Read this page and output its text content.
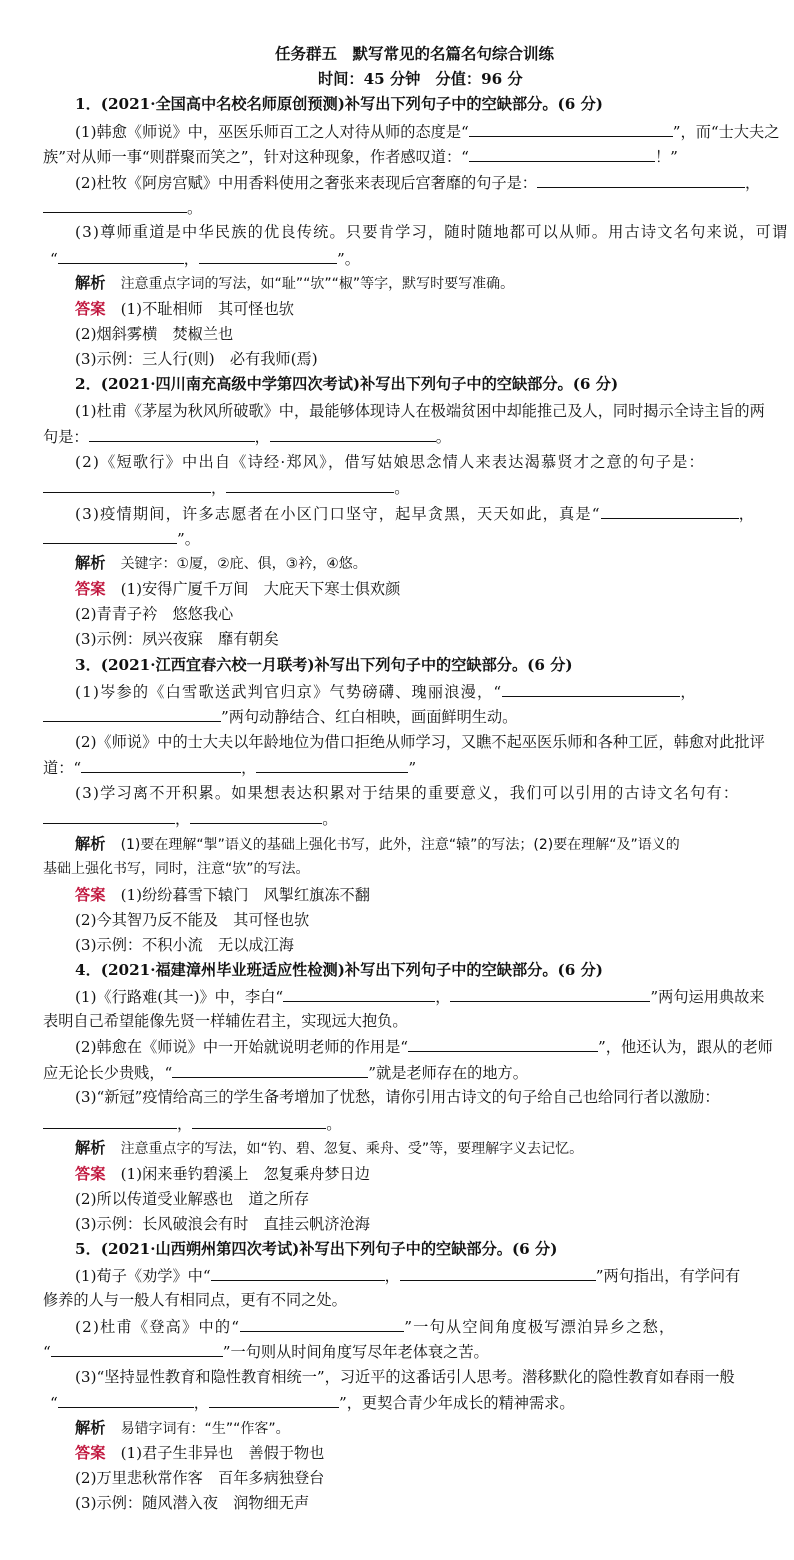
任务群五　默写常见的名篇名句综合训练
时间：45 分钟　分值：96 分
1．(2021·全国高中名校名师原创预测)补写出下列句子中的空缺部分。(6 分)
(1)韩愈《师说》中，巫医乐师百工之人对待从师的态度是“	”，而“士大夫之
族”对从师一事“则群聚而笑之”，针对这种现象，作者感叹道：“	！”
(2)杜牧《阿房宫赋》中用香料使用之奢张来表现后宫奢靡的句子是：	，
。
(3)尊师重道是中华民族的优良传统。只要肯学习，随时随地都可以从师。用古诗文名句来说，可谓
“	，	”。
解析　 注意重点字词的写法，如“耻”“欤”“椒”等字，默写时要写准确。
答案　 (1)不耻相师　其可怪也欤
(2)烟斜雾横　焚椒兰也
(3)示例：三人行(则)　必有我师(焉)
2．(2021·四川南充高级中学第四次考试)补写出下列句子中的空缺部分。(6 分)
(1)杜甫《茅屋为秋风所破歌》中，最能够体现诗人在极端贫困中却能推己及人，同时揭示全诗主旨的两
句是：	，	。
(2)《短歌行》中出自《诗经·郑风》，借写姑娘思念情人来表达渴慕贤才之意的句子是：
，	。
(3)疫情期间，许多志愿者在小区门口坚守，起早贪黑，天天如此，真是“	，
”。
解析　 关键字：①厦，②庇、俱，③衿，④悠。
答案　 (1)安得广厦千万间　大庇天下寒士俱欢颜
(2)青青子衿　悠悠我心
(3)示例：夙兴夜寐　靡有朝矣
3．(2021·江西宜春六校一月联考)补写出下列句子中的空缺部分。(6 分)
(1)岑参的《白雪歌送武判官归京》气势磅礴、瑰丽浪漫，“	，
”两句动静结合、红白相映，画面鲜明生动。
(2)《师说》中的士大夫以年龄地位为借口拒绝从师学习，又瞧不起巫医乐师和各种工匠，韩愈对此批评
道：“	，	”
(3)学习离不开积累。如果想表达积累对于结果的重要意义，我们可以引用的古诗文名句有：
，	。
解析　 (1)要在理解“掣”语义的基础上强化书写，此外，注意“辕”的写法；(2)要在理解“及”语义的
基础上强化书写，同时，注意“欤”的写法。
答案　 (1)纷纷暮雪下辕门　风掣红旗冻不翻
(2)今其智乃反不能及　其可怪也欤
(3)示例：不积小流　无以成江海
4．(2021·福建漳州毕业班适应性检测)补写出下列句子中的空缺部分。(6 分)
(1)《行路难(其一)》中，李白“	，	”两句运用典故来
表明自己希望能像先贤一样辅佐君主，实现远大抱负。
(2)韩愈在《师说》中一开始就说明老师的作用是“	”，他还认为，跟从的老师
应无论长少贵贱，“	”就是老师存在的地方。
(3)“新冠”疫情给高三的学生备考增加了忧愁，请你引用古诗文的句子给自己也给同行者以激励：
，	。
解析　 注意重点字的写法，如“钓、碧、忽复、乘舟、受”等，要理解字义去记忆。
答案　 (1)闲来垂钓碧溪上　忽复乘舟梦日边
(2)所以传道受业解惑也　道之所存
(3)示例：长风破浪会有时　直挂云帆济沧海
5．(2021·山西朔州第四次考试)补写出下列句子中的空缺部分。(6 分)
(1)荀子《劝学》中“	，	”两句指出，有学问有
修养的人与一般人有相同点，更有不同之处。
(2)杜甫《登高》中的“	”一句从空间角度极写漂泊异乡之愁，
“	”一句则从时间角度写尽年老体衰之苦。
(3)“坚持显性教育和隐性教育相统一”，习近平的这番话引人思考。潜移默化的隐性教育如春雨一般
“	，	”，更契合青少年成长的精神需求。
解析　 易错字词有：“生”“作客”。
答案　 (1)君子生非异也　善假于物也
(2)万里悲秋常作客　百年多病独登台
(3)示例：随风潜入夜　润物细无声
